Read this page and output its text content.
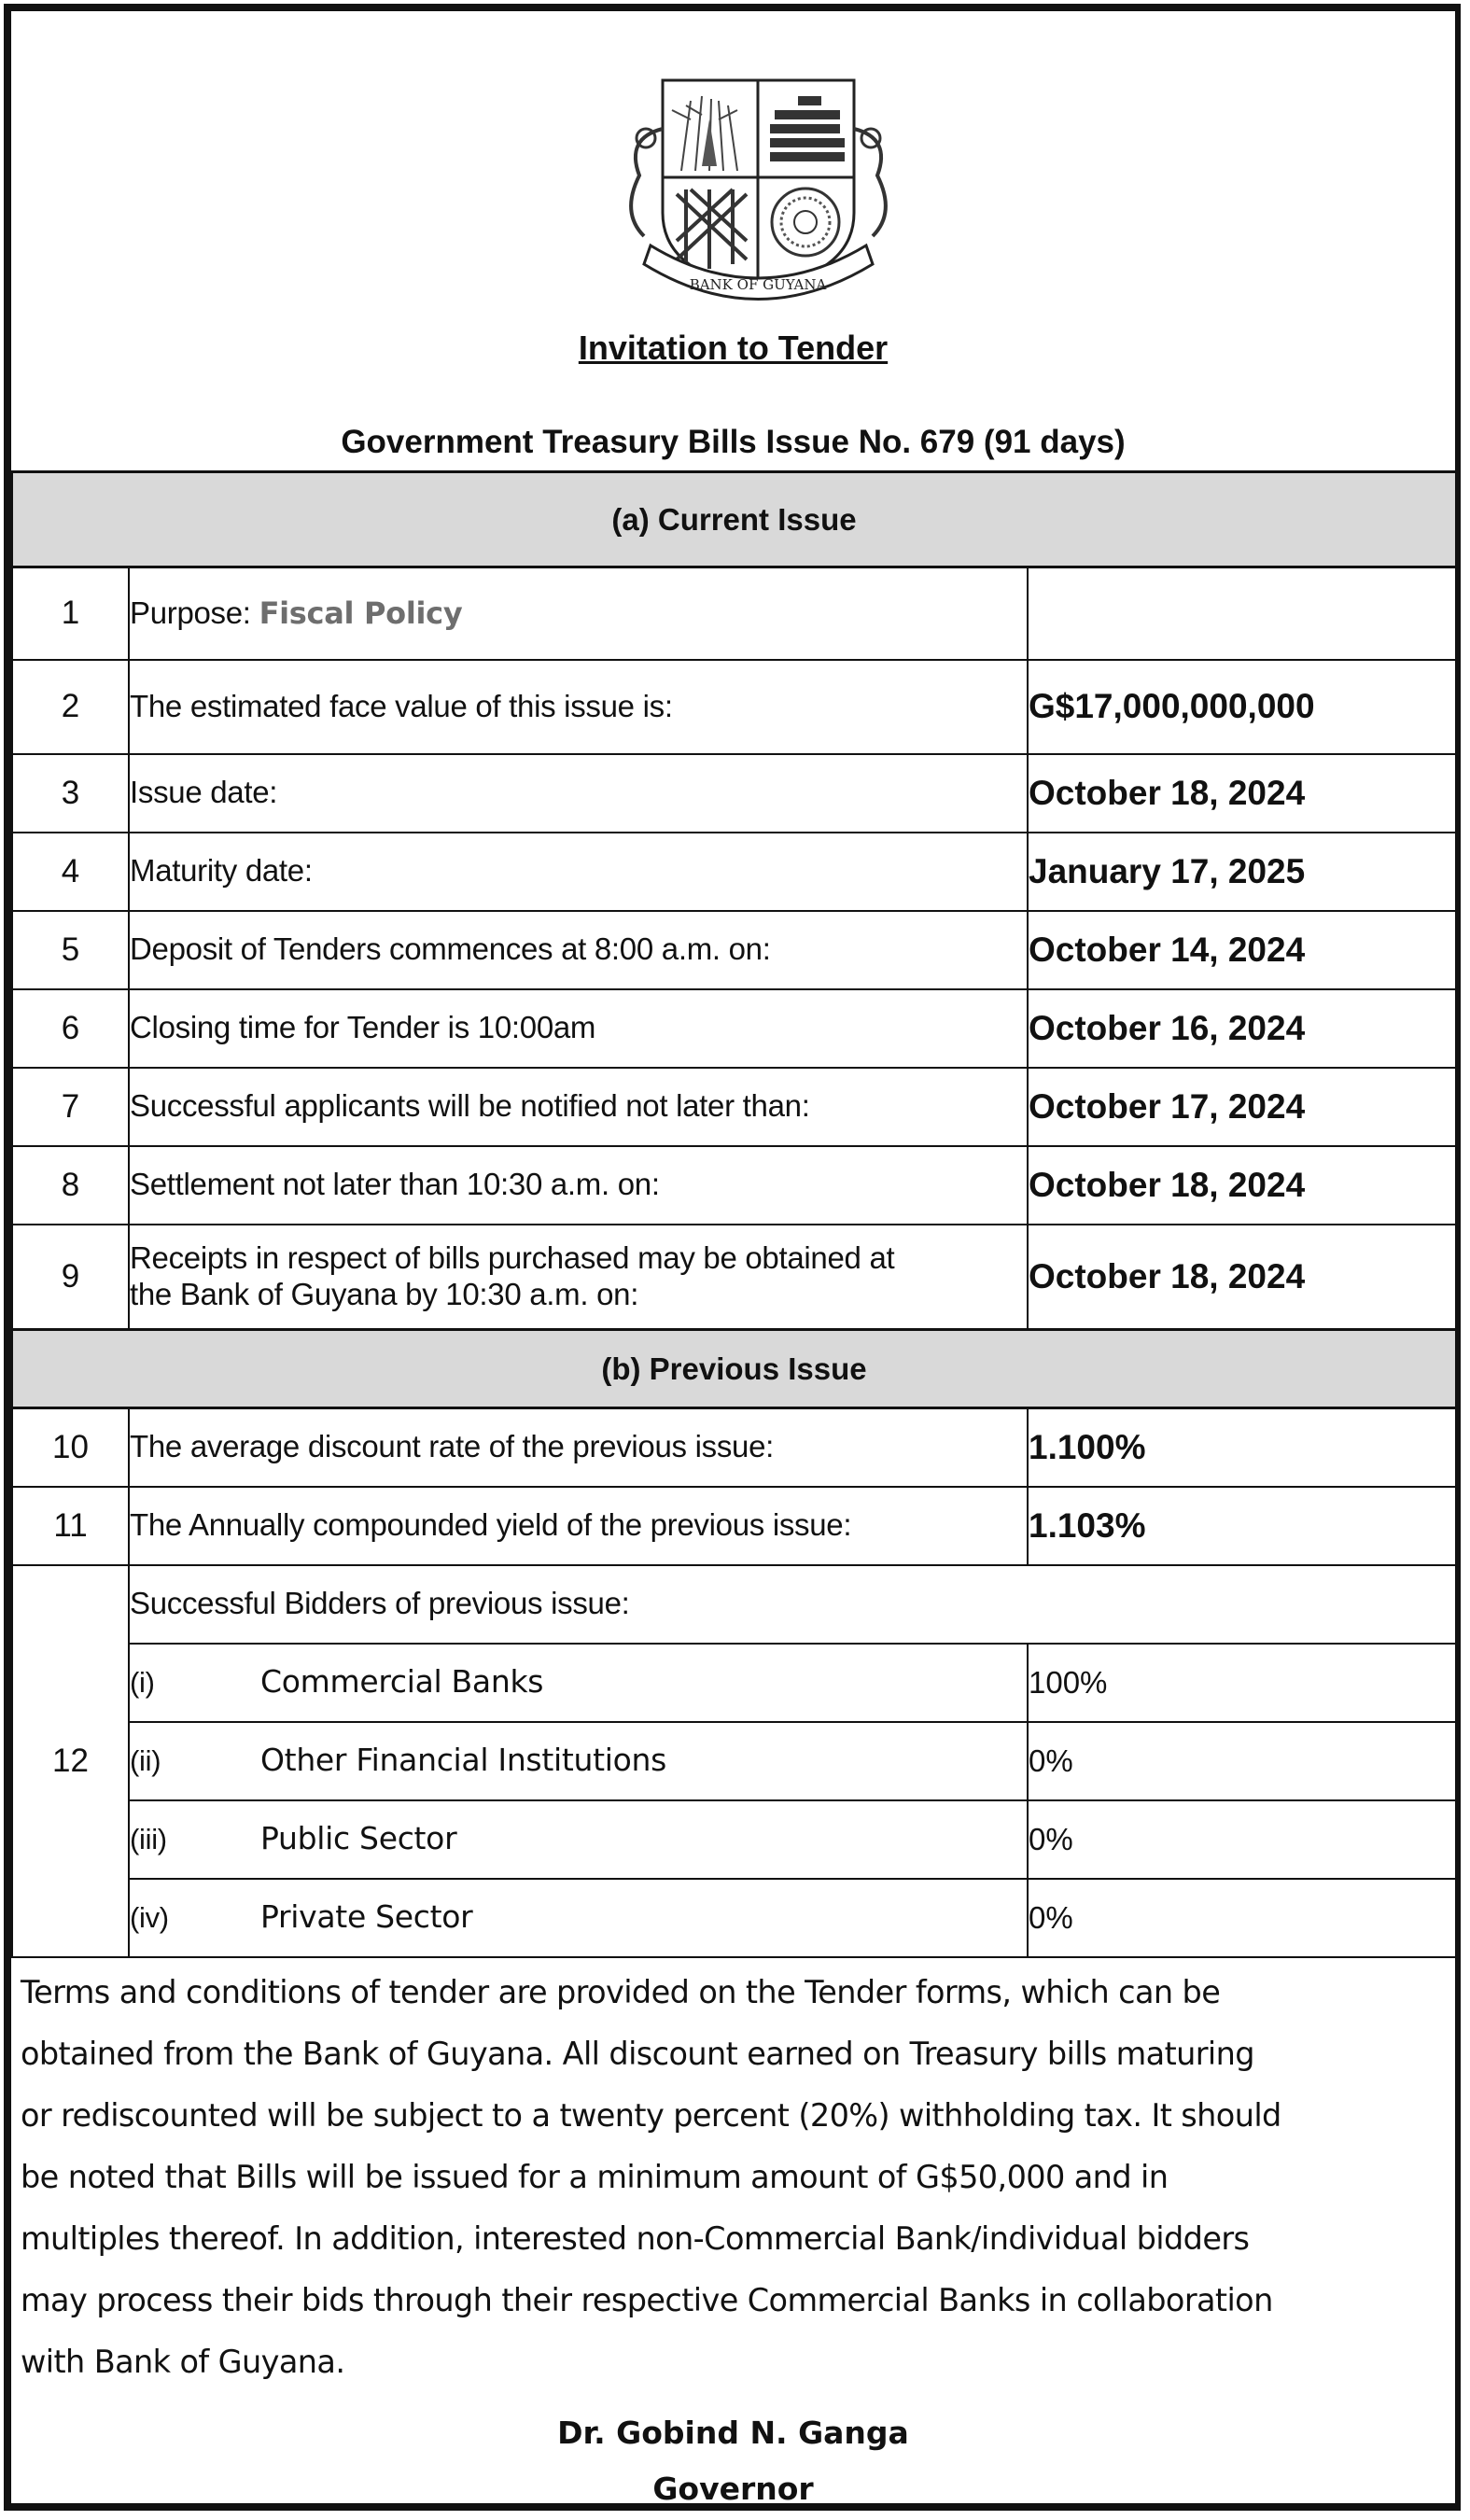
BANK OF GUYANA
Invitation to Tender
Government Treasury Bills Issue No. 679 (91 days)
(a) Current Issue		
1	Purpose: Fiscal Policy	
2	The estimated face value of this issue is:	G$17,000,000,000
3	Issue date:	October 18, 2024
4	Maturity date:	January 17, 2025
5	Deposit of Tenders commences at 8:00 a.m. on:	October 14, 2024
6	Closing time for Tender is 10:00am	October 16, 2024
7	Successful applicants will be notified not later than:	October 17, 2024
8	Settlement not later than 10:30 a.m. on:	October 18, 2024
9	Receipts in respect of bills purchased may be obtained at
the Bank of Guyana by 10:30 a.m. on:	October 18, 2024
(b) Previous Issue		
10	The average discount rate of the previous issue:	1.100%
11	The Annually compounded yield of the previous issue:	1.103%
12	Successful Bidders of previous issue:	
	(i) Commercial Banks	100%
	(ii) Other Financial Institutions	0%
	(iii) Public Sector	0%
	(iv) Private Sector	0%
Terms and conditions of tender are provided on the Tender forms, which can be
obtained from the Bank of Guyana. All discount earned on Treasury bills maturing
or rediscounted will be subject to a twenty percent (20%) withholding tax. It should
be noted that Bills will be issued for a minimum amount of G$50,000 and in
multiples thereof. In addition, interested non-Commercial Bank/individual bidders
may process their bids through their respective Commercial Banks in collaboration
with Bank of Guyana.
Dr. Gobind N. Ganga
Governor
